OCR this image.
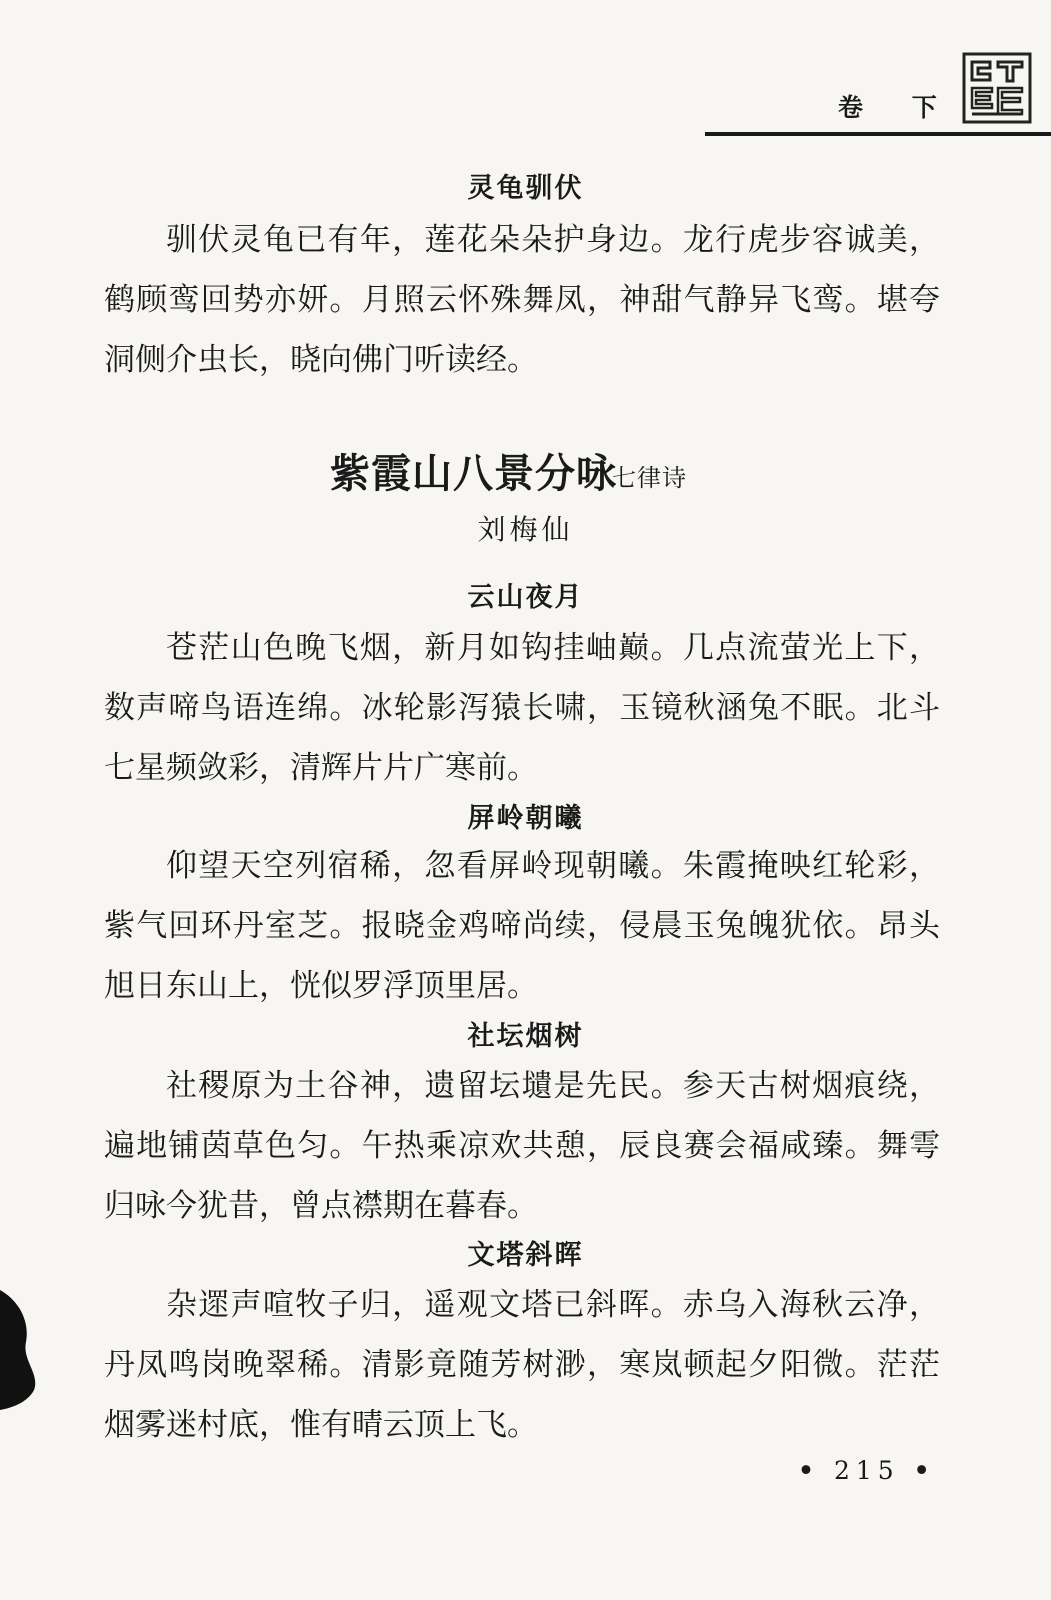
卷 下
灵龟驯伏

驯伏灵龟已有年，莲花朵朵护身边。龙行虎步容诚美，鹤顾鸾回势亦妍。月照云怀殊舞凤，神甜气静异飞鸾。堪夸洞侧介虫长，晓向佛门听读经。

紫霞山八景分咏
七律诗
刘梅仙
云山夜月

苍茫山色晚飞烟，新月如钩挂岫巅。几点流萤光上下，数声啼鸟语连绵。冰轮影泻猿长啸，玉镜秋涵兔不眠。北斗七星频敛彩，清辉片片广寒前。

屏岭朝曦

仰望天空列宿稀，忽看屏岭现朝曦。朱霞掩映红轮彩，紫气回环丹室芝。报晓金鸡啼尚续，侵晨玉兔魄犹依。昂头旭日东山上，恍似罗浮顶里居。

社坛烟树

社稷原为土谷神，遗留坛壝是先民。参天古树烟痕绕，遍地铺茵草色匀。午热乘凉欢共憩，辰良赛会福咸臻。舞雩归咏今犹昔，曾点襟期在暮春。

文塔斜晖

杂遝声喧牧子归，遥观文塔已斜晖。赤乌入海秋云净，丹凤鸣岗晚翠稀。清影竟随芳树渺，寒岚顿起夕阳微。茫茫烟雾迷村底，惟有晴云顶上飞。

• 215 •
